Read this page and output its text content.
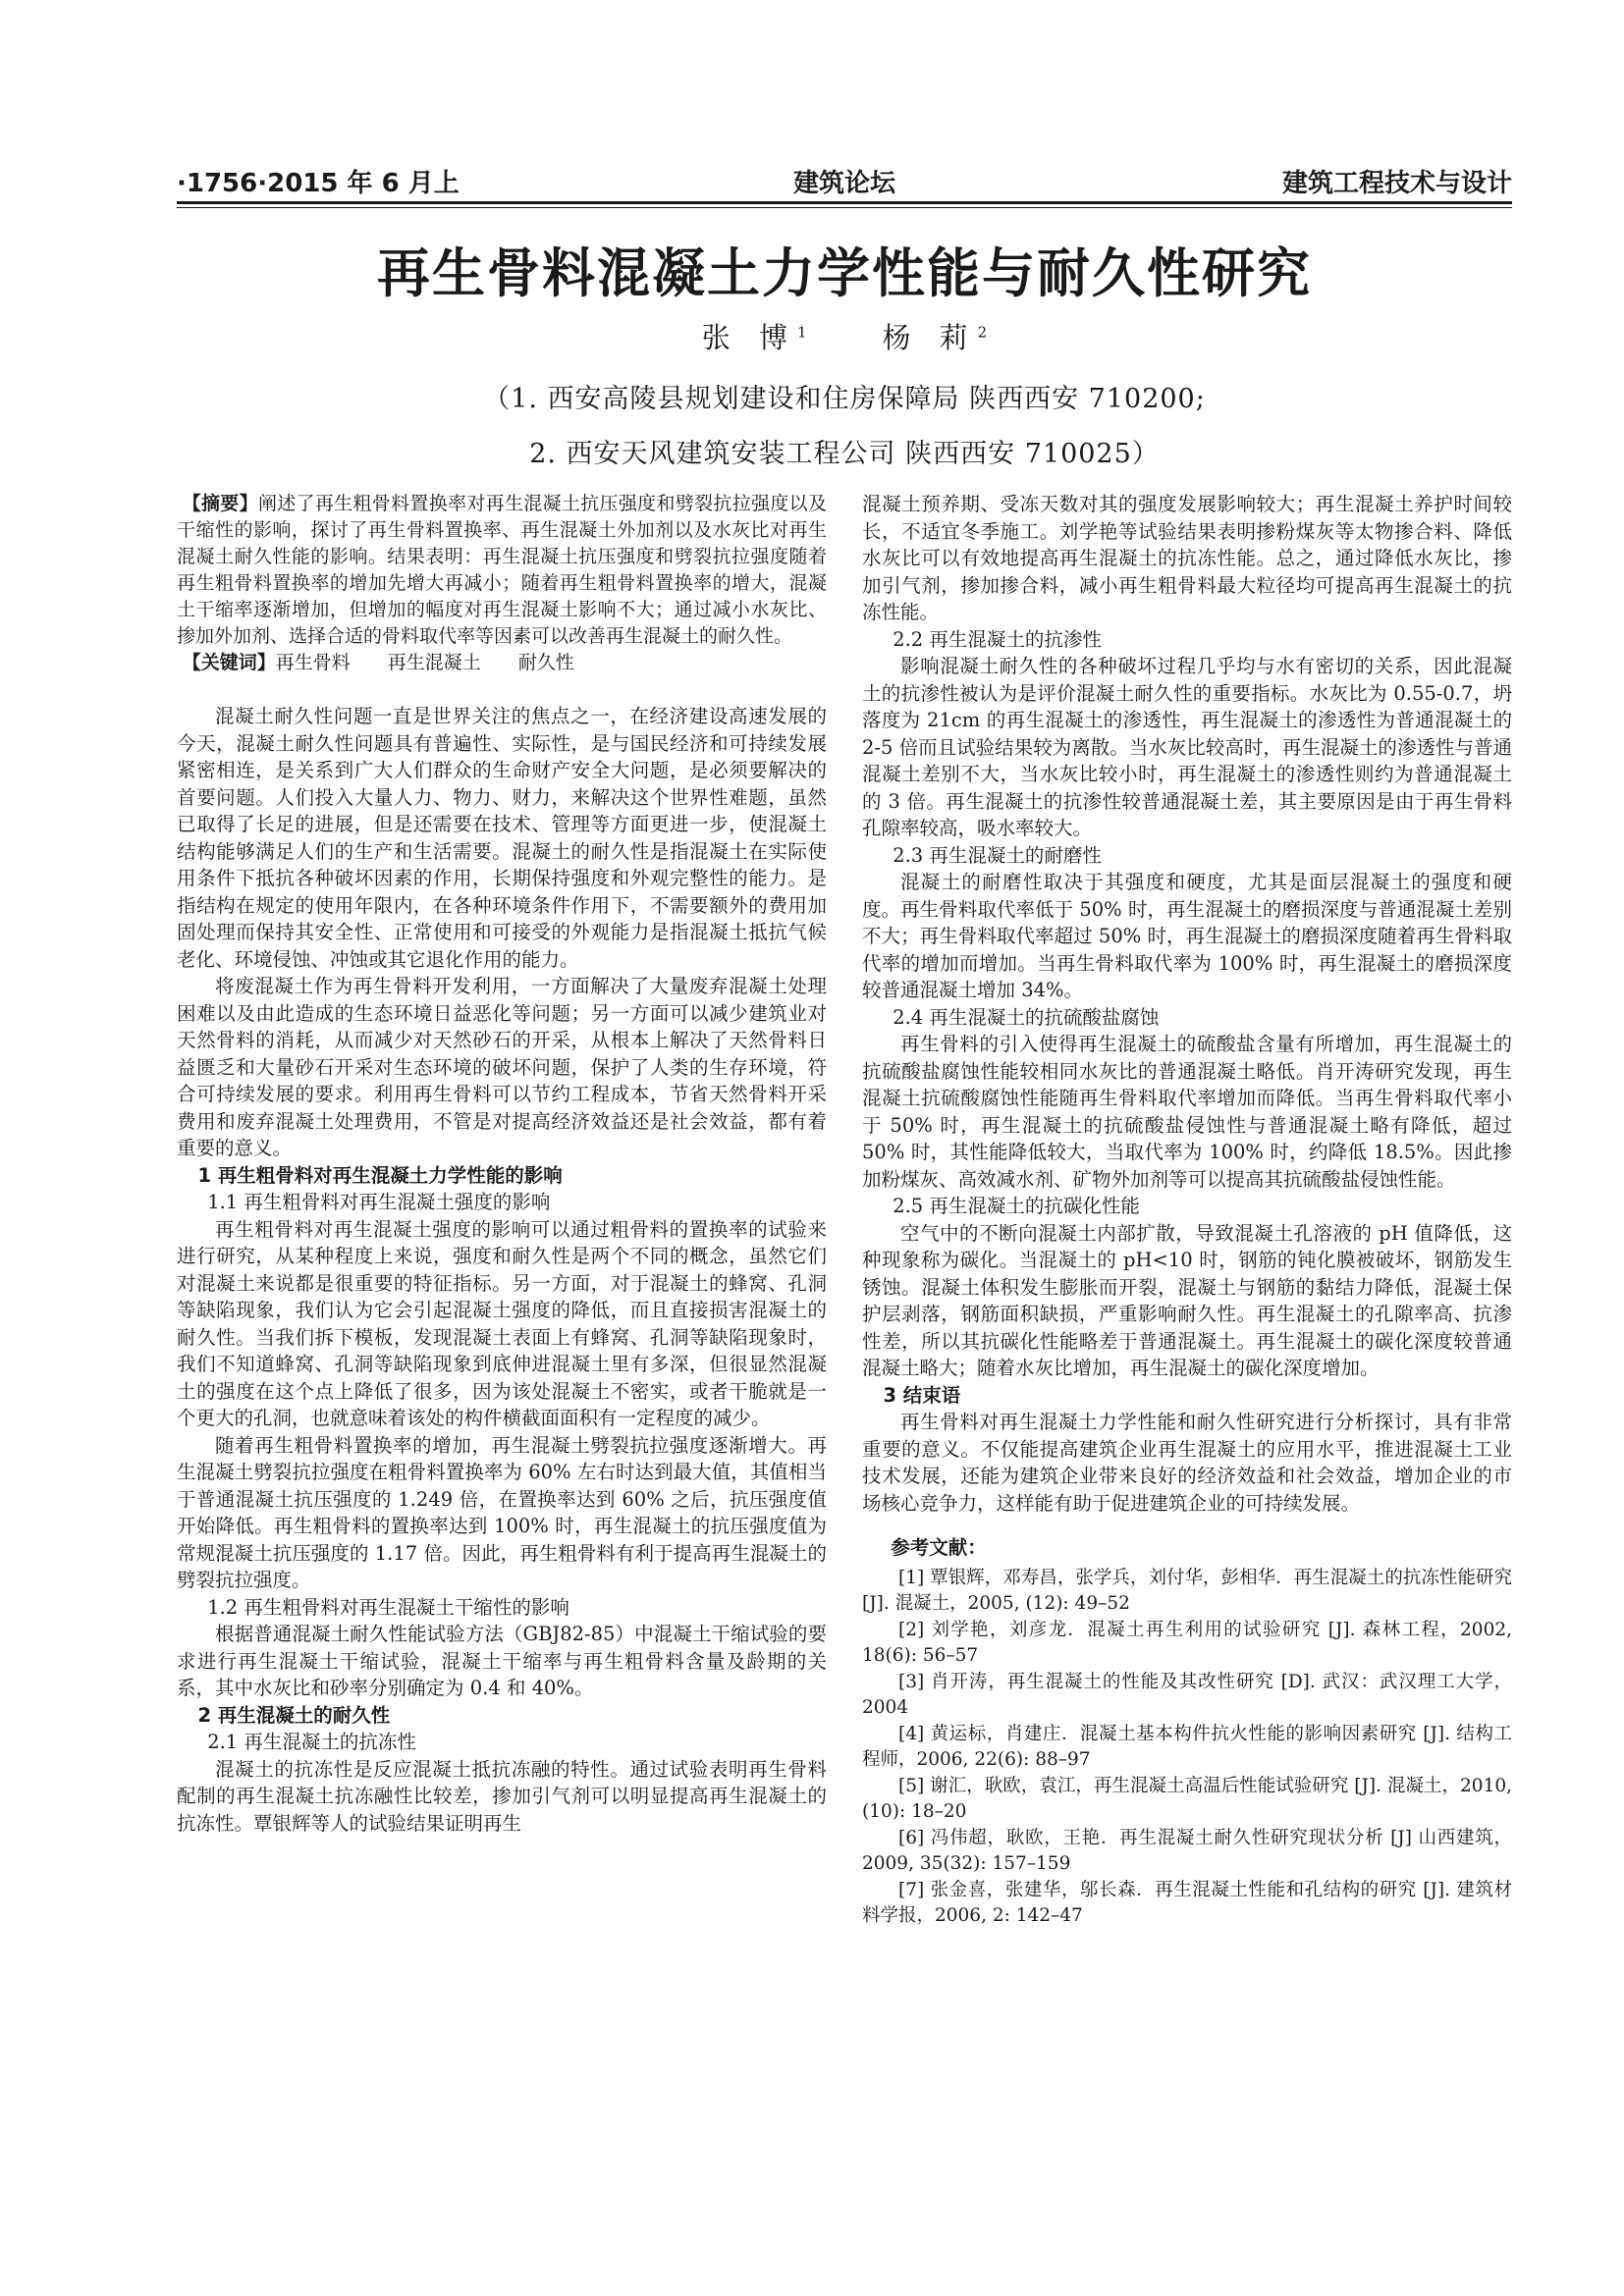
·1756·2015 年 6 月上	建筑论坛	建筑工程技术与设计
再生骨料混凝土力学性能与耐久性研究
张 博$^1$	杨 莉$^2$
（1. 西安高陵县规划建设和住房保障局 陕西西安 710200;
2. 西安天风建筑安装工程公司 陕西西安 710025）

【摘要】阐述了再生粗骨料置换率对再生混凝土抗压强度和劈裂抗拉强度以及干缩性的影响，探讨了再生骨料置换率、再生混凝土外加剂以及水灰比对再生混凝土耐久性能的影响。结果表明：再生混凝土抗压强度和劈裂抗拉强度随着再生粗骨料置换率的增加先增大再减小；随着再生粗骨料置换率的增大，混凝土干缩率逐渐增加，但增加的幅度对再生混凝土影响不大；通过减小水灰比、掺加外加剂、选择合适的骨料取代率等因素可以改善再生混凝土的耐久性。

【关键词】再生骨料 再生混凝土 耐久性

混凝土耐久性问题一直是世界关注的焦点之一，在经济建设高速发展的今天，混凝土耐久性问题具有普遍性、实际性，是与国民经济和可持续发展紧密相连，是关系到广大人们群众的生命财产安全大问题，是必须要解决的首要问题。人们投入大量人力、物力、财力，来解决这个世界性难题，虽然已取得了长足的进展，但是还需要在技术、管理等方面更进一步，使混凝土结构能够满足人们的生产和生活需要。混凝土的耐久性是指混凝土在实际使用条件下抵抗各种破坏因素的作用，长期保持强度和外观完整性的能力。是指结构在规定的使用年限内，在各种环境条件作用下，不需要额外的费用加固处理而保持其安全性、正常使用和可接受的外观能力是指混凝土抵抗气候老化、环境侵蚀、冲蚀或其它退化作用的能力。

将废混凝土作为再生骨料开发利用，一方面解决了大量废弃混凝土处理困难以及由此造成的生态环境日益恶化等问题；另一方面可以减少建筑业对天然骨料的消耗，从而减少对天然砂石的开采，从根本上解决了天然骨料日益匮乏和大量砂石开采对生态环境的破坏问题，保护了人类的生存环境，符合可持续发展的要求。利用再生骨料可以节约工程成本，节省天然骨料开采费用和废弃混凝土处理费用，不管是对提高经济效益还是社会效益，都有着重要的意义。

1 再生粗骨料对再生混凝土力学性能的影响
1.1 再生粗骨料对再生混凝土强度的影响

再生粗骨料对再生混凝土强度的影响可以通过粗骨料的置换率的试验来进行研究，从某种程度上来说，强度和耐久性是两个不同的概念，虽然它们对混凝土来说都是很重要的特征指标。另一方面，对于混凝土的蜂窝、孔洞等缺陷现象，我们认为它会引起混凝土强度的降低，而且直接损害混凝土的耐久性。当我们拆下模板，发现混凝土表面上有蜂窝、孔洞等缺陷现象时，我们不知道蜂窝、孔洞等缺陷现象到底伸进混凝土里有多深，但很显然混凝土的强度在这个点上降低了很多，因为该处混凝土不密实，或者干脆就是一个更大的孔洞，也就意味着该处的构件横截面面积有一定程度的减少。

随着再生粗骨料置换率的增加，再生混凝土劈裂抗拉强度逐渐增大。再生混凝土劈裂抗拉强度在粗骨料置换率为 60% 左右时达到最大值，其值相当于普通混凝土抗压强度的 1.249 倍，在置换率达到 60% 之后，抗压强度值开始降低。再生粗骨料的置换率达到 100% 时，再生混凝土的抗压强度值为常规混凝土抗压强度的 1.17 倍。因此，再生粗骨料有利于提高再生混凝土的劈裂抗拉强度。

1.2 再生粗骨料对再生混凝土干缩性的影响

根据普通混凝土耐久性能试验方法（GBJ82-85）中混凝土干缩试验的要求进行再生混凝土干缩试验，混凝土干缩率与再生粗骨料含量及龄期的关系，其中水灰比和砂率分别确定为 0.4 和 40%。

2 再生混凝土的耐久性
2.1 再生混凝土的抗冻性

混凝土的抗冻性是反应混凝土抵抗冻融的特性。通过试验表明再生骨料配制的再生混凝土抗冻融性比较差，掺加引气剂可以明显提高再生混凝土的抗冻性。覃银辉等人的试验结果证明再生

混凝土预养期、受冻天数对其的强度发展影响较大；再生混凝土养护时间较长，不适宜冬季施工。刘学艳等试验结果表明掺粉煤灰等太物掺合料、降低水灰比可以有效地提高再生混凝土的抗冻性能。总之，通过降低水灰比，掺加引气剂，掺加掺合料，减小再生粗骨料最大粒径均可提高再生混凝土的抗冻性能。

2.2 再生混凝土的抗渗性

影响混凝土耐久性的各种破坏过程几乎均与水有密切的关系，因此混凝土的抗渗性被认为是评价混凝土耐久性的重要指标。水灰比为 0.55-0.7，坍落度为 21cm 的再生混凝土的渗透性，再生混凝土的渗透性为普通混凝土的 2-5 倍而且试验结果较为离散。当水灰比较高时，再生混凝土的渗透性与普通混凝土差别不大，当水灰比较小时，再生混凝土的渗透性则约为普通混凝土的 3 倍。再生混凝土的抗渗性较普通混凝土差，其主要原因是由于再生骨料孔隙率较高，吸水率较大。

2.3 再生混凝土的耐磨性

混凝土的耐磨性取决于其强度和硬度，尤其是面层混凝土的强度和硬度。再生骨料取代率低于 50% 时，再生混凝土的磨损深度与普通混凝土差别不大；再生骨料取代率超过 50% 时，再生混凝土的磨损深度随着再生骨料取代率的增加而增加。当再生骨料取代率为 100% 时，再生混凝土的磨损深度较普通混凝土增加 34%。

2.4 再生混凝土的抗硫酸盐腐蚀

再生骨料的引入使得再生混凝土的硫酸盐含量有所增加，再生混凝土的抗硫酸盐腐蚀性能较相同水灰比的普通混凝土略低。肖开涛研究发现，再生混凝土抗硫酸腐蚀性能随再生骨料取代率增加而降低。当再生骨料取代率小于 50% 时，再生混凝土的抗硫酸盐侵蚀性与普通混凝土略有降低，超过 50% 时，其性能降低较大，当取代率为 100% 时，约降低 18.5%。因此掺加粉煤灰、高效减水剂、矿物外加剂等可以提高其抗硫酸盐侵蚀性能。

2.5 再生混凝土的抗碳化性能

空气中的不断向混凝土内部扩散，导致混凝土孔溶液的 pH 值降低，这种现象称为碳化。当混凝土的 pH<10 时，钢筋的钝化膜被破坏，钢筋发生锈蚀。混凝土体积发生膨胀而开裂，混凝土与钢筋的黏结力降低，混凝土保护层剥落，钢筋面积缺损，严重影响耐久性。再生混凝土的孔隙率高、抗渗性差，所以其抗碳化性能略差于普通混凝土。再生混凝土的碳化深度较普通混凝土略大；随着水灰比增加，再生混凝土的碳化深度增加。

3 结束语

再生骨料对再生混凝土力学性能和耐久性研究进行分析探讨，具有非常重要的意义。不仅能提高建筑企业再生混凝土的应用水平，推进混凝土工业技术发展，还能为建筑企业带来良好的经济效益和社会效益，增加企业的市场核心竞争力，这样能有助于促进建筑企业的可持续发展。

参考文献：

[1] 覃银辉，邓寿昌，张学兵，刘付华，彭相华．再生混凝土的抗冻性能研究 [J]. 混凝土，2005, (12): 49–52

[2] 刘学艳，刘彦龙．混凝土再生利用的试验研究 [J]. 森林工程，2002, 18(6): 56–57

[3] 肖开涛，再生混凝土的性能及其改性研究 [D]. 武汉：武汉理工大学，2004

[4] 黄运标，肖建庄．混凝土基本构件抗火性能的影响因素研究 [J]. 结构工程师，2006, 22(6): 88–97

[5] 谢汇，耿欧，袁江，再生混凝土高温后性能试验研究 [J]. 混凝土，2010, (10): 18–20

[6] 冯伟超，耿欧，王艳．再生混凝土耐久性研究现状分析 [J] 山西建筑，2009, 35(32): 157–159

[7] 张金喜，张建华，邬长森．再生混凝土性能和孔结构的研究 [J]. 建筑材料学报，2006, 2: 142–47
